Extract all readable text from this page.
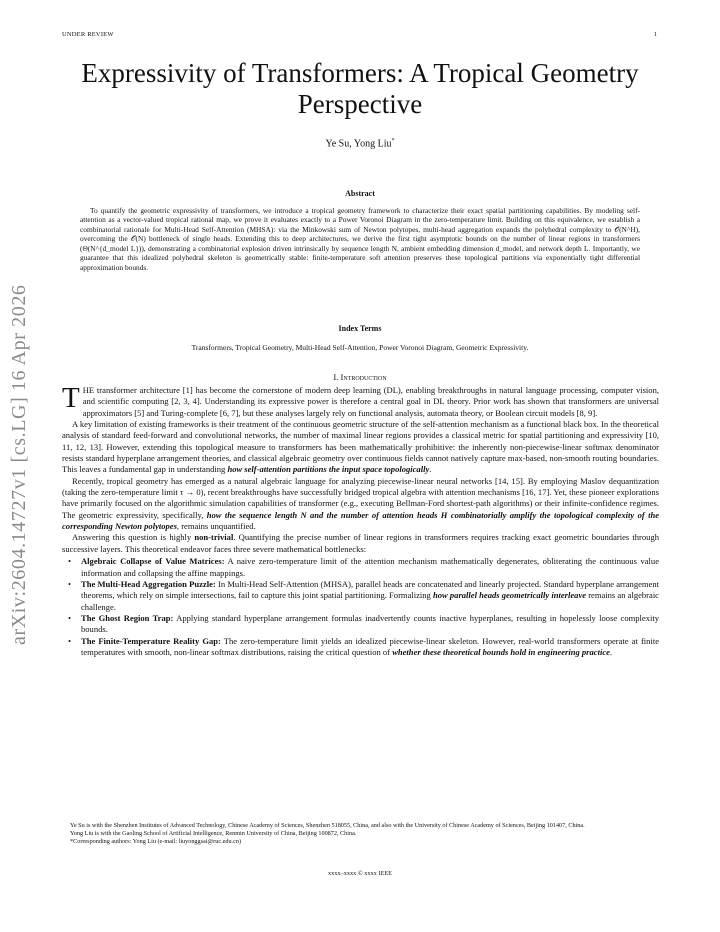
UNDER REVIEW	1
arXiv:2604.14727v1 [cs.LG] 16 Apr 2026
Expressivity of Transformers: A Tropical Geometry Perspective
Ye Su, Yong Liu*
Abstract
To quantify the geometric expressivity of transformers, we introduce a tropical geometry framework to characterize their exact spatial partitioning capabilities. By modeling self-attention as a vector-valued tropical rational map, we prove it evaluates exactly to a Power Voronoi Diagram in the zero-temperature limit. Building on this equivalence, we establish a combinatorial rationale for Multi-Head Self-Attention (MHSA): via the Minkowski sum of Newton polytopes, multi-head aggregation expands the polyhedral complexity to 𝒪(N^H), overcoming the 𝒪(N) bottleneck of single heads. Extending this to deep architectures, we derive the first tight asymptotic bounds on the number of linear regions in transformers (Θ(N^{d_model L})), demonstrating a combinatorial explosion driven intrinsically by sequence length N, ambient embedding dimension d_model, and network depth L. Importantly, we guarantee that this idealized polyhedral skeleton is geometrically stable: finite-temperature soft attention preserves these topological partitions via exponentially tight differential approximation bounds.
Index Terms
Transformers, Tropical Geometry, Multi-Head Self-Attention, Power Voronoi Diagram, Geometric Expressivity.
I. Introduction

THE transformer architecture [1] has become the cornerstone of modern deep learning (DL), enabling breakthroughs in natural language processing, computer vision, and scientific computing [2, 3, 4]. Understanding its expressive power is therefore a central goal in DL theory. Prior work has shown that transformers are universal approximators [5] and Turing-complete [6, 7], but these analyses largely rely on functional analysis, automata theory, or Boolean circuit models [8, 9].

A key limitation of existing frameworks is their treatment of the continuous geometric structure of the self-attention mechanism as a functional black box. In the theoretical analysis of standard feed-forward and convolutional networks, the number of maximal linear regions provides a classical metric for spatial partitioning and expressivity [10, 11, 12, 13]. However, extending this topological measure to transformers has been mathematically prohibitive: the inherently non-piecewise-linear softmax denominator resists standard hyperplane arrangement theories, and classical algebraic geometry over continuous fields cannot natively capture max-based, non-smooth routing boundaries. This leaves a fundamental gap in understanding how self-attention partitions the input space topologically.

Recently, tropical geometry has emerged as a natural algebraic language for analyzing piecewise-linear neural networks [14, 15]. By employing Maslov dequantization (taking the zero-temperature limit τ → 0), recent breakthroughs have successfully bridged tropical algebra with attention mechanisms [16, 17]. Yet, these pioneer explorations have primarily focused on the algorithmic simulation capabilities of transformer (e.g., executing Bellman-Ford shortest-path algorithms) or their infinite-confidence regimes. The geometric expressivity, specifically, how the sequence length N and the number of attention heads H combinatorially amplify the topological complexity of the corresponding Newton polytopes, remains unquantified.

Answering this question is highly non-trivial. Quantifying the precise number of linear regions in transformers requires tracking exact geometric boundaries through successive layers. This theoretical endeavor faces three severe mathematical bottlenecks:

• Algebraic Collapse of Value Matrices: A naive zero-temperature limit of the attention mechanism mathematically degenerates, obliterating the continuous value information and collapsing the affine mappings.
• The Multi-Head Aggregation Puzzle: In Multi-Head Self-Attention (MHSA), parallel heads are concatenated and linearly projected. Standard hyperplane arrangement theorems, which rely on simple intersections, fail to capture this joint spatial partitioning. Formalizing how parallel heads geometrically interleave remains an algebraic challenge.
• The Ghost Region Trap: Applying standard hyperplane arrangement formulas inadvertently counts inactive hyperplanes, resulting in hopelessly loose complexity bounds.
• The Finite-Temperature Reality Gap: The zero-temperature limit yields an idealized piecewise-linear skeleton. However, real-world transformers operate at finite temperatures with smooth, non-linear softmax distributions, raising the critical question of whether these theoretical bounds hold in engineering practice.
Ye Su is with the Shenzhen Institutes of Advanced Technology, Chinese Academy of Sciences, Shenzhen 518055, China, and also with the University of Chinese Academy of Sciences, Beijing 101407, China.
Yong Liu is with the Gaoling School of Artificial Intelligence, Renmin University of China, Beijing 100872, China.
*Corresponding authors: Yong Liu (e-mail: liuyonggsai@ruc.edu.cn)
xxxx–xxxx © xxxx IEEE
